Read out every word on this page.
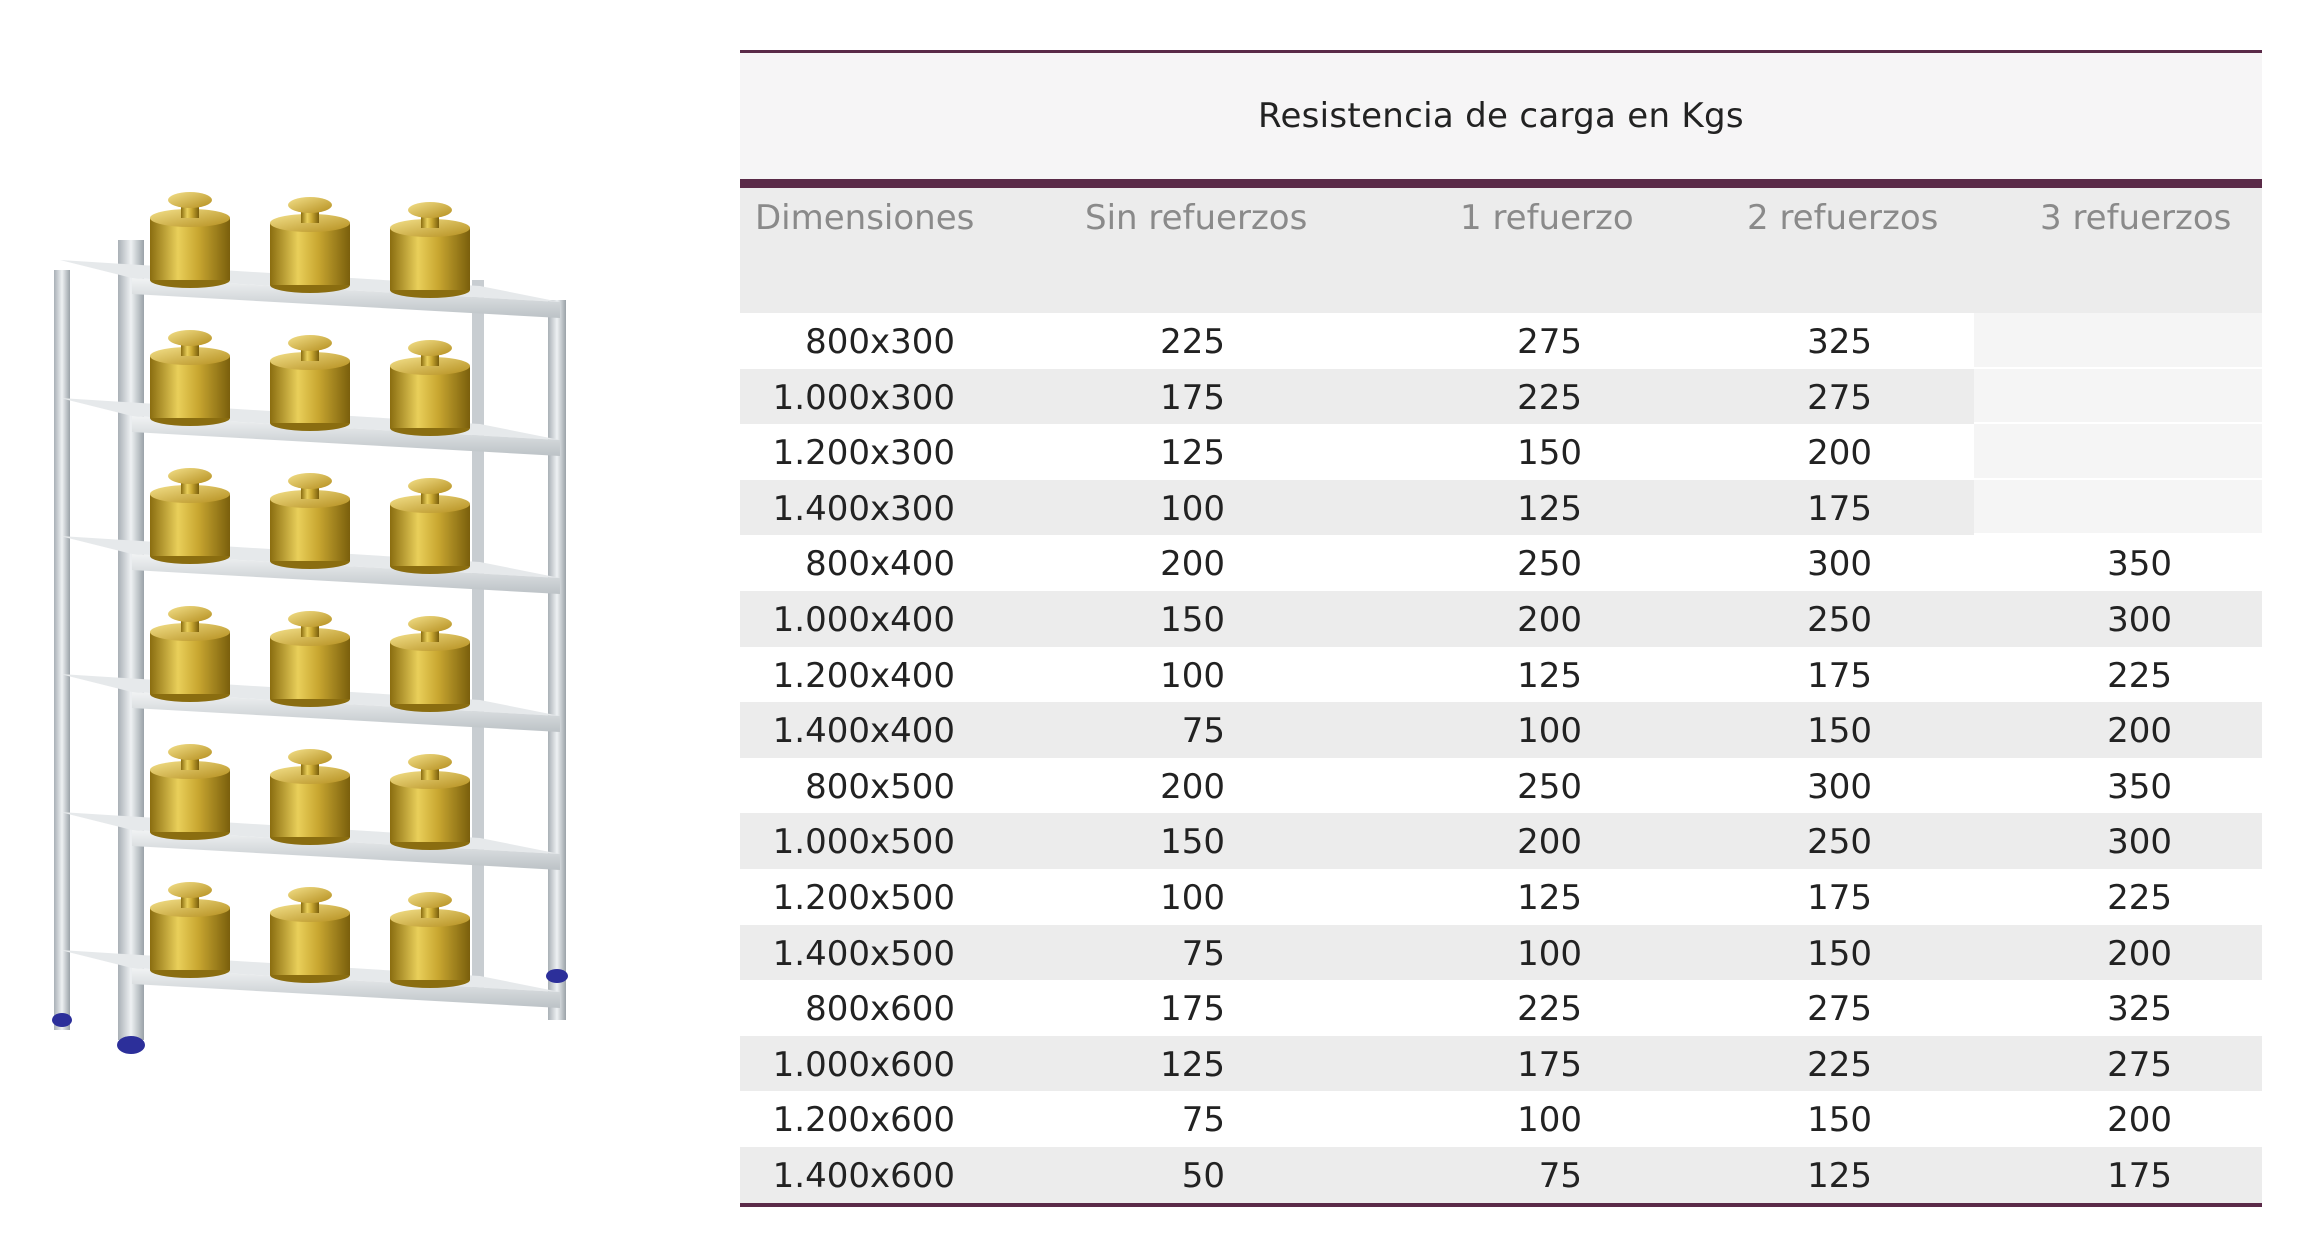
Resistencia de carga en Kgs
Dimensiones	Sin refuerzos	1 refuerzo	2 refuerzos	3 refuerzos
800x300	225	275	325
1.000x300	175	225	275
1.200x300	125	150	200
1.400x300	100	125	175
800x400	200	250	300	350
1.000x400	150	200	250	300
1.200x400	100	125	175	225
1.400x400	75	100	150	200
800x500	200	250	300	350
1.000x500	150	200	250	300
1.200x500	100	125	175	225
1.400x500	75	100	150	200
800x600	175	225	275	325
1.000x600	125	175	225	275
1.200x600	75	100	150	200
1.400x600	50	75	125	175
